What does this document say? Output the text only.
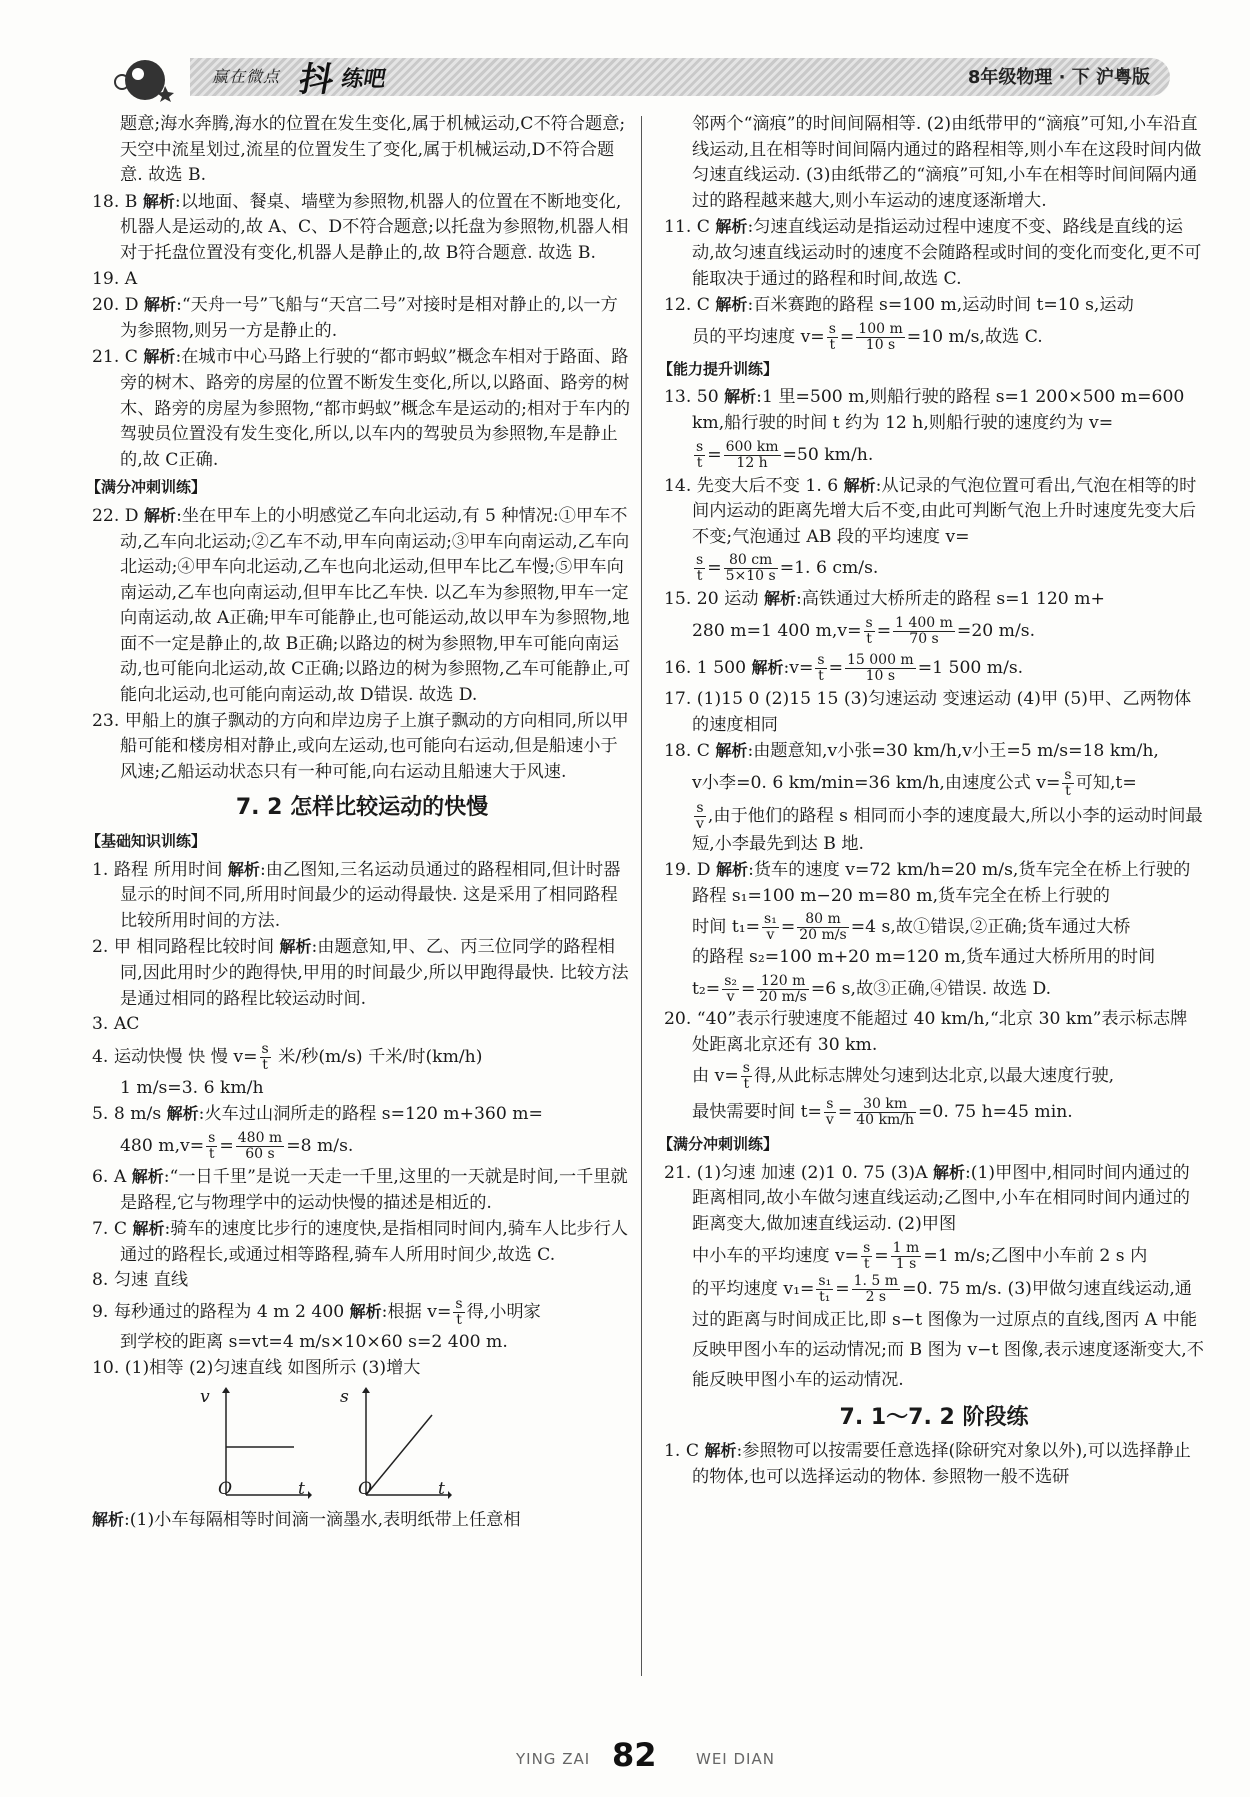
赢在微点 抖 练吧	8年级物理 · 下 沪粤版
题意;海水奔腾,海水的位置在发生变化,属于机械运动,C不符合题意;天空中流星划过,流星的位置发生了变化,属于机械运动,D不符合题意. 故选 B.
18. B 解析:以地面、餐桌、墙壁为参照物,机器人的位置在不断地变化,机器人是运动的,故 A、C、D不符合题意;以托盘为参照物,机器人相对于托盘位置没有变化,机器人是静止的,故 B符合题意. 故选 B.
19. A
20. D 解析:“天舟一号”飞船与“天宫二号”对接时是相对静止的,以一方为参照物,则另一方是静止的.
21. C 解析:在城市中心马路上行驶的“都市蚂蚁”概念车相对于路面、路旁的树木、路旁的房屋的位置不断发生变化,所以,以路面、路旁的树木、路旁的房屋为参照物,“都市蚂蚁”概念车是运动的;相对于车内的驾驶员位置没有发生变化,所以,以车内的驾驶员为参照物,车是静止的,故 C正确.
【满分冲刺训练】
22. D 解析:坐在甲车上的小明感觉乙车向北运动,有 5 种情况:①甲车不动,乙车向北运动;②乙车不动,甲车向南运动;③甲车向南运动,乙车向北运动;④甲车向北运动,乙车也向北运动,但甲车比乙车慢;⑤甲车向南运动,乙车也向南运动,但甲车比乙车快. 以乙车为参照物,甲车一定向南运动,故 A正确;甲车可能静止,也可能运动,故以甲车为参照物,地面不一定是静止的,故 B正确;以路边的树为参照物,甲车可能向南运动,也可能向北运动,故 C正确;以路边的树为参照物,乙车可能静止,可能向北运动,也可能向南运动,故 D错误. 故选 D.
23. 甲船上的旗子飘动的方向和岸边房子上旗子飘动的方向相同,所以甲船可能和楼房相对静止,或向左运动,也可能向右运动,但是船速小于风速;乙船运动状态只有一种可能,向右运动且船速大于风速.
7. 2 怎样比较运动的快慢
【基础知识训练】
1. 路程 所用时间 解析:由乙图知,三名运动员通过的路程相同,但计时器显示的时间不同,所用时间最少的运动得最快. 这是采用了相同路程比较所用时间的方法.
2. 甲 相同路程比较时间 解析:由题意知,甲、乙、丙三位同学的路程相同,因此用时少的跑得快,甲用的时间最少,所以甲跑得最快. 比较方法是通过相同的路程比较运动时间.
3. AC
4. 运动快慢 快 慢 $v= \frac{s}{t}$ 米/秒(m/s) 千米/时(km/h)
1 m/s=3. 6 km/h
5. 8 m/s 解析:火车过山洞所走的路程 s=120 m+360 m=
480 $m,v= \frac{s}{t} = \frac{480 m}{60 s} =8$ m/s.
6. A 解析:“一日千里”是说一天走一千里,这里的一天就是时间,一千里就是路程,它与物理学中的运动快慢的描述是相近的.
7. C 解析:骑车的速度比步行的速度快,是指相同时间内,骑车人比步行人通过的路程长,或通过相等路程,骑车人所用时间少,故选 C.
8. 匀速 直线
9. 每秒通过的路程为 4 m 2 400 解析:根据 $v= \frac{s}{t}$ 得,小明家
到学校的距离 s=vt=4 m/s×10×60 s=2 400 m.
10. (1)相等 (2)匀速直线 如图所示 (3)增大
v
t
O
s
t
O
解析:(1)小车每隔相等时间滴一滴墨水,表明纸带上任意相
邻两个“滴痕”的时间间隔相等. (2)由纸带甲的“滴痕”可知,小车沿直线运动,且在相等时间间隔内通过的路程相等,则小车在这段时间内做匀速直线运动. (3)由纸带乙的“滴痕”可知,小车在相等时间间隔内通过的路程越来越大,则小车运动的速度逐渐增大.
11. C 解析:匀速直线运动是指运动过程中速度不变、路线是直线的运动,故匀速直线运动时的速度不会随路程或时间的变化而变化,更不可能取决于通过的路程和时间,故选 C.
12. C 解析:百米赛跑的路程 s=100 m,运动时间 t=10 s,运动
员的平均速度 $v= \frac{s}{t} = \frac{100 m}{10 s} =10$ m/s,故选 C.
【能力提升训练】
13. 50 解析:1 里=500 m,则船行驶的路程 s=1 200×500 m=600 km,船行驶的时间 t 约为 12 h,则船行驶的速度约为 v=
$\frac{s}{t} = \frac{600 km}{12 h} =50$ km/h.
14. 先变大后不变 1. 6 解析:从记录的气泡位置可看出,气泡在相等的时间内运动的距离先增大后不变,由此可判断气泡上升时速度先变大后不变;气泡通过 AB 段的平均速度 v=
$\frac{s}{t} = \frac{80 cm}{5\times 10 s} =1$. 6 cm/s.
15. 20 运动 解析:高铁通过大桥所走的路程 s=1 120 m+
280 m=1 400 $m,v= \frac{s}{t} = \frac{1 400 m}{70 s} =20$ m/s.
16. 1 500 解析:v= $\frac{s}{t} = \frac{15 000 m}{10 s} =1$ 500 m/s.
17. (1)15 0 (2)15 15 (3)匀速运动 变速运动 (4)甲 (5)甲、乙两物体的速度相同
18. C 解析:由题意知,v小张=30 km/h,v小王=5 m/s=18 km/h,
v小李=0. 6 km/min=36 km/h,由速度公式 $v= \frac{s}{t}$ 可知,t=
$\frac{s}{v}$ ,由于他们的路程 s 相同而小李的速度最大,所以小李的运动时间最短,小李最先到达 B 地.
19. D 解析:货车的速度 v=72 km/h=20 m/s,货车完全在桥上行驶的路程 s₁=100 m−20 m=80 m,货车完全在桥上行驶的
时间 $t_1= \frac{\text{s₁}}{v} = \frac{80 m}{20 m/s} =4$ s,故①错误,②正确;货车通过大桥
的路程 s₂=100 m+20 m=120 m,货车通过大桥所用的时间
$t_2= \frac{\text{s₂}}{v} = \frac{120 m}{20 m/s} =6$ s,故③正确,④错误. 故选 D.
20. “40”表示行驶速度不能超过 40 km/h,“北京 30 km”表示标志牌处距离北京还有 30 km.
由 $v= \frac{s}{t}$ 得,从此标志牌处匀速到达北京,以最大速度行驶,
最快需要时间 $t= \frac{s}{v} = \frac{30 km}{40 km/h} =0$. 75 h=45 min.
【满分冲刺训练】
21. (1)匀速 加速 (2)1 0. 75 (3)A 解析:(1)甲图中,相同时间内通过的距离相同,故小车做匀速直线运动;乙图中,小车在相同时间内通过的距离变大,做加速直线运动. (2)甲图
中小车的平均速度 $v= \frac{s}{t} = \frac{1 m}{1 s} =1$ m/s;乙图中小车前 2 s 内
的平均速度 $v_1= \frac{\text{s₁}}{\text{t₁}} = \frac{1. 5 m}{2 s} =0$. 75 m/s. (3)甲做匀速直线运动,通过的距离与时间成正比,即 s−t 图像为一过原点的直线,图丙 A 中能反映甲图小车的运动情况;而 B 图为 v−t 图像,表示速度逐渐变大,不能反映甲图小车的运动情况.
7. 1～7. 2 阶段练
1. C 解析:参照物可以按需要任意选择(除研究对象以外),可以选择静止的物体,也可以选择运动的物体. 参照物一般不选研
YING ZAI 82	WEI DIAN
